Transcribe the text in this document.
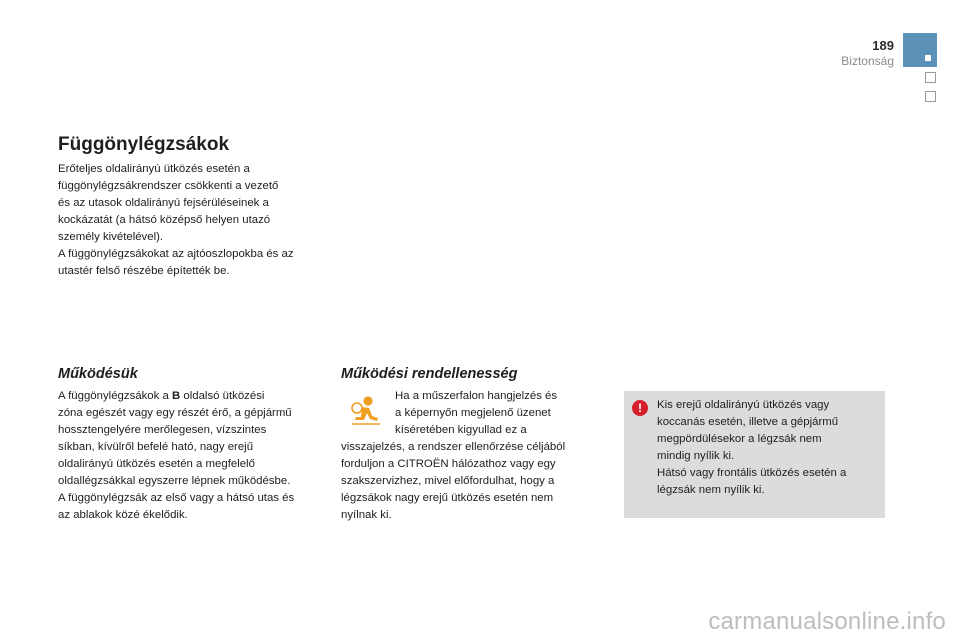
189
Biztonság
Függönylégzsákok

Erőteljes oldalirányú ütközés esetén a
függönylégzsákrendszer csökkenti a vezető
és az utasok oldalirányú fejsérüléseinek a
kockázatát (a hátsó középső helyen utazó
személy kivételével).
A függönylégzsákokat az ajtóoszlopokba és az
utastér felső részébe építették be.

Működésük

A függönylégzsákok a B oldalsó ütközési
zóna egészét vagy egy részét érő, a gépjármű
hossztengelyére merőlegesen, vízszintes
síkban, kívülről befelé ható, nagy erejű
oldalirányú ütközés esetén a megfelelő
oldallégzsákkal egyszerre lépnek működésbe.
A függönylégzsák az első vagy a hátsó utas és
az ablakok közé ékelődik.

Működési rendellenesség

Ha a műszerfalon hangjelzés és
a képernyőn megjelenő üzenet
kíséretében kigyullad ez a

visszajelzés, a rendszer ellenőrzése céljából
forduljon a CITROËN hálózathoz vagy egy
szakszervizhez, mivel előfordulhat, hogy a
légzsákok nagy erejű ütközés esetén nem
nyílnak ki.

!	Kis erejű oldalirányú ütközés vagy
koccanás esetén, illetve a gépjármű
megpördülésekor a légzsák nem
mindig nyílik ki.
Hátsó vagy frontális ütközés esetén a
légzsák nem nyílik ki.

carmanualsonline.info
